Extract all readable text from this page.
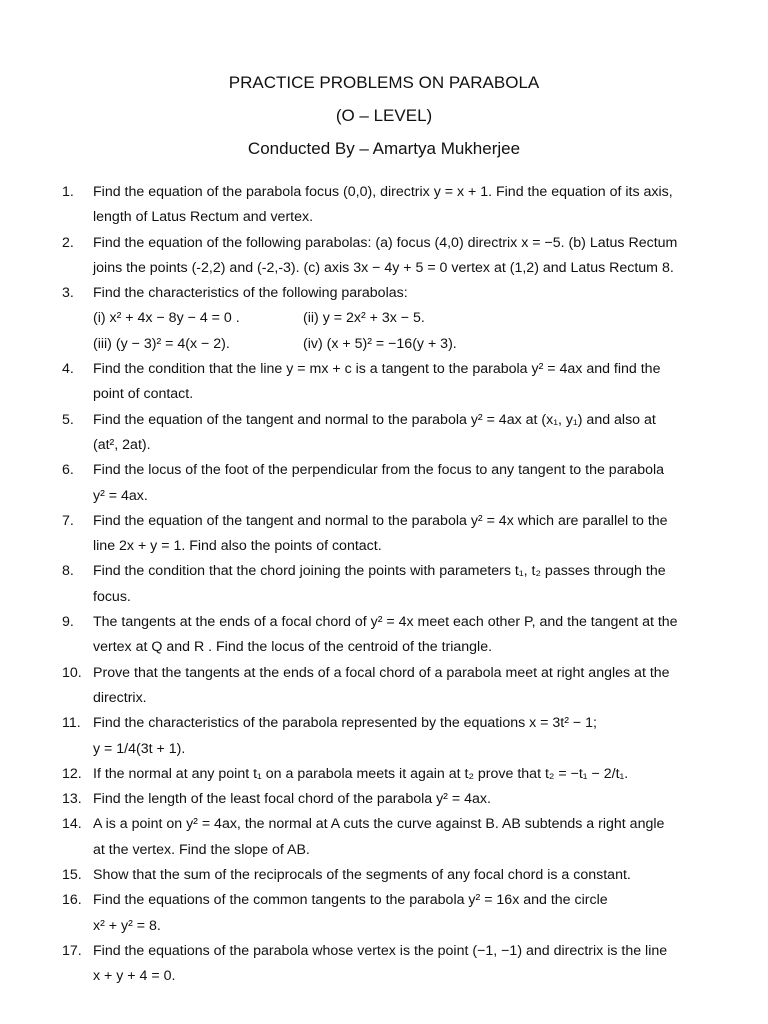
PRACTICE PROBLEMS ON PARABOLA
(O – LEVEL)
Conducted By – Amartya Mukherjee
1.	Find the equation of the parabola focus (0,0), directrix y = x + 1. Find the equation of its axis,
length of Latus Rectum and vertex.
2.	Find the equation of the following parabolas: (a) focus (4,0) directrix x = −5. (b) Latus Rectum
joins the points (-2,2) and (-2,-3). (c) axis 3x − 4y + 5 = 0 vertex at (1,2) and Latus Rectum 8.
3.	Find the characteristics of the following parabolas:
(i) x² + 4x − 8y − 4 = 0 .	(ii) y = 2x² + 3x − 5.
(iii) (y − 3)² = 4(x − 2).	(iv) (x + 5)² = −16(y + 3).
4.	Find the condition that the line y = mx + c is a tangent to the parabola y² = 4ax and find the
point of contact.
5.	Find the equation of the tangent and normal to the parabola y² = 4ax at (x₁, y₁) and also at
(at², 2at).
6.	Find the locus of the foot of the perpendicular from the focus to any tangent to the parabola
y² = 4ax.
7.	Find the equation of the tangent and normal to the parabola y² = 4x which are parallel to the
line 2x + y = 1. Find also the points of contact.
8.	Find the condition that the chord joining the points with parameters t₁, t₂ passes through the
focus.
9.	The tangents at the ends of a focal chord of y² = 4x meet each other P, and the tangent at the
vertex at Q and R . Find the locus of the centroid of the triangle.
10. Prove that the tangents at the ends of a focal chord of a parabola meet at right angles at the
directrix.
11. Find the characteristics of the parabola represented by the equations x = 3t² − 1;
y = 1/4(3t + 1).
12. If the normal at any point t₁ on a parabola meets it again at t₂ prove that t₂ = −t₁ − 2/t₁.
13. Find the length of the least focal chord of the parabola y² = 4ax.
14. A is a point on y² = 4ax, the normal at A cuts the curve against B. AB subtends a right angle
at the vertex. Find the slope of AB.
15. Show that the sum of the reciprocals of the segments of any focal chord is a constant.
16. Find the equations of the common tangents to the parabola y² = 16x and the circle
x² + y² = 8.
17. Find the equations of the parabola whose vertex is the point (−1, −1) and directrix is the line
x + y + 4 = 0.
